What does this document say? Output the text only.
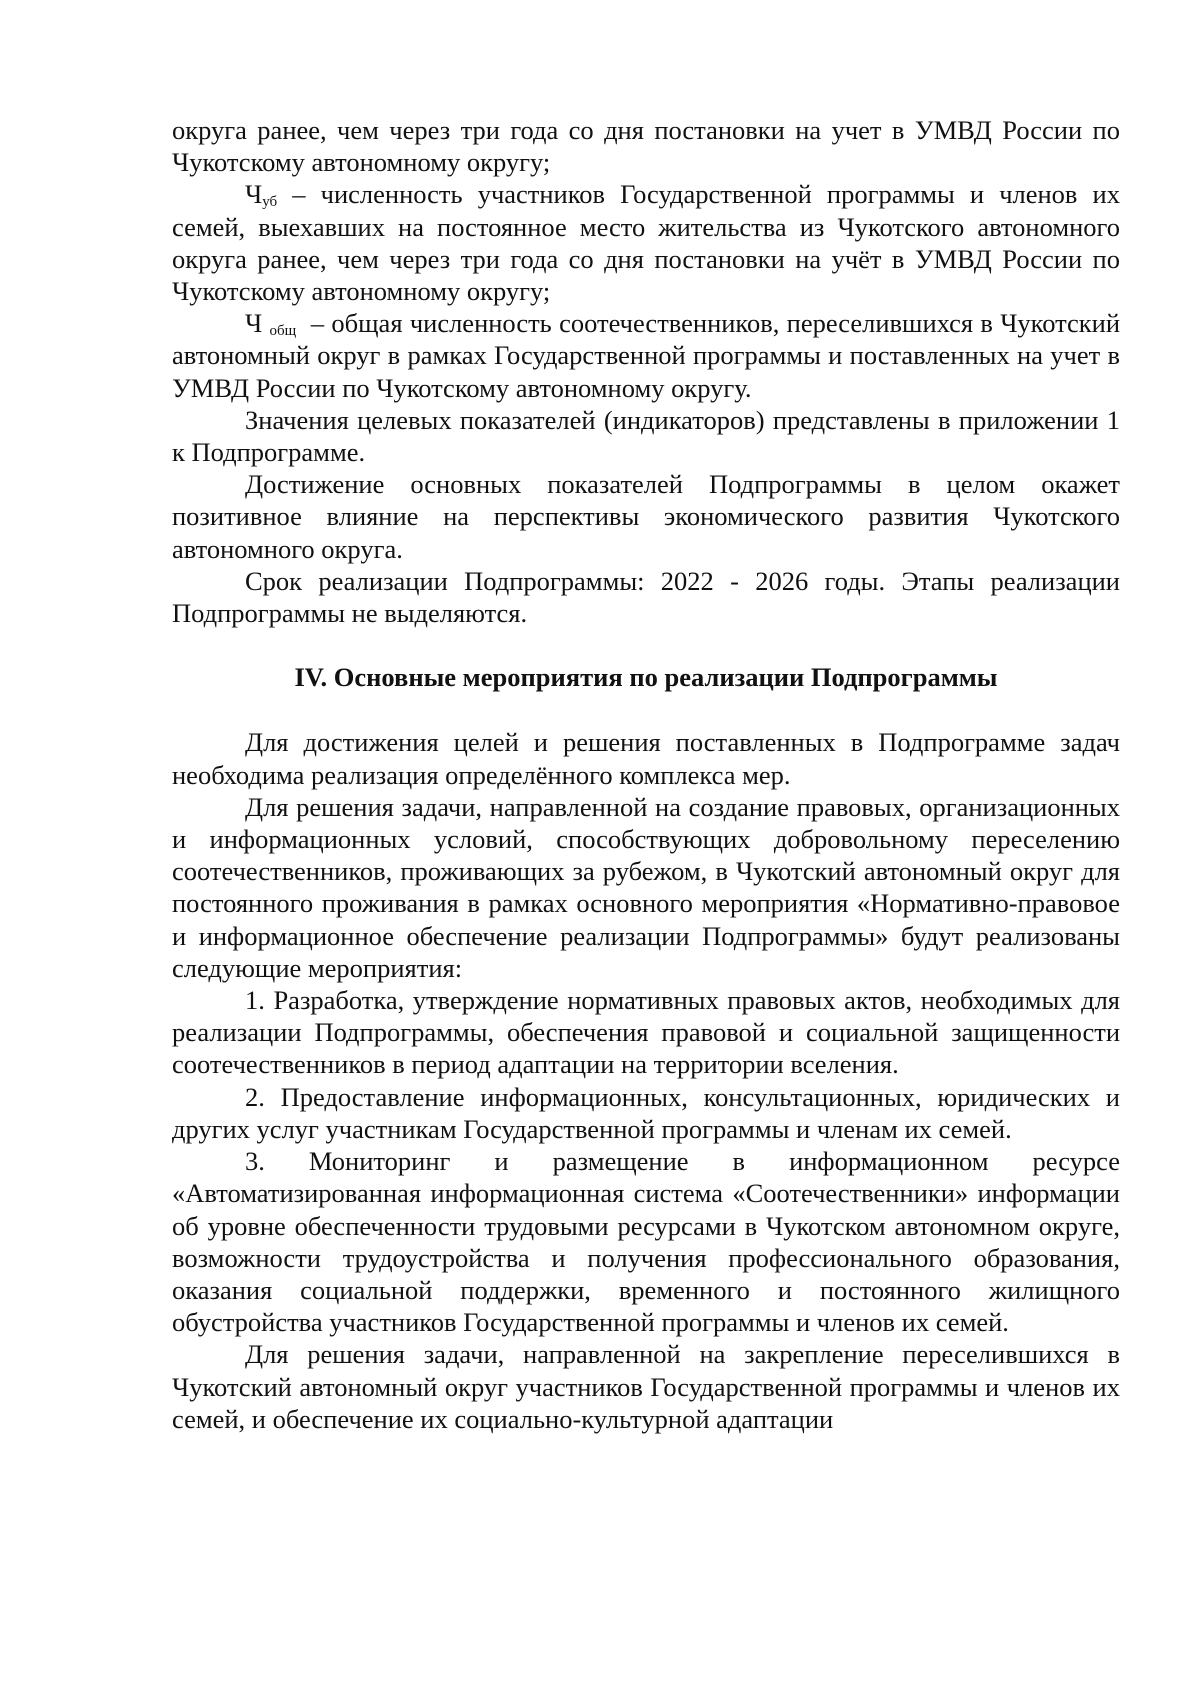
округа ранее, чем через три года со дня постановки на учет в УМВД России по Чукотскому автономному округу;

$Ч_{уб}$ – численность участников Государственной программы и членов их семей, выехавших на постоянное место жительства из Чукотского автономного округа ранее, чем через три года со дня постановки на учёт в УМВД России по Чукотскому автономному округу;

Ч $_{общ}$  – общая численность соотечественников, переселившихся в Чукотский автономный округ в рамках Государственной программы и поставленных на учет в УМВД России по Чукотскому автономному округу.

Значения целевых показателей (индикаторов) представлены в приложении 1 к Подпрограмме.

Достижение основных показателей Подпрограммы в целом окажет позитивное влияние на перспективы экономического развития Чукотского автономного округа.

Срок реализации Подпрограммы: 2022 - 2026 годы. Этапы реализации Подпрограммы не выделяются.

IV. Основные мероприятия по реализации Подпрограммы

Для достижения целей и решения поставленных в Подпрограмме задач необходима реализация определённого комплекса мер.

Для решения задачи, направленной на создание правовых, организационных и информационных условий, способствующих добровольному переселению соотечественников, проживающих за рубежом, в Чукотский автономный округ для постоянного проживания в рамках основного мероприятия «Нормативно-правовое и информационное обеспечение реализации Подпрограммы» будут реализованы следующие мероприятия:

1. Разработка, утверждение нормативных правовых актов, необходимых для реализации Подпрограммы, обеспечения правовой и социальной защищенности соотечественников в период адаптации на территории вселения.

2. Предоставление информационных, консультационных, юридических и других услуг участникам Государственной программы и членам их семей.

3. Мониторинг и размещение в информационном ресурсе «Автоматизированная информационная система «Соотечественники» информации об уровне обеспеченности трудовыми ресурсами в Чукотском автономном округе, возможности трудоустройства и получения профессионального образования, оказания социальной поддержки, временного и постоянного жилищного обустройства участников Государственной программы и членов их семей.

Для решения задачи, направленной на закрепление переселившихся в Чукотский автономный округ участников Государственной программы и членов их семей, и обеспечение их социально-культурной адаптации
